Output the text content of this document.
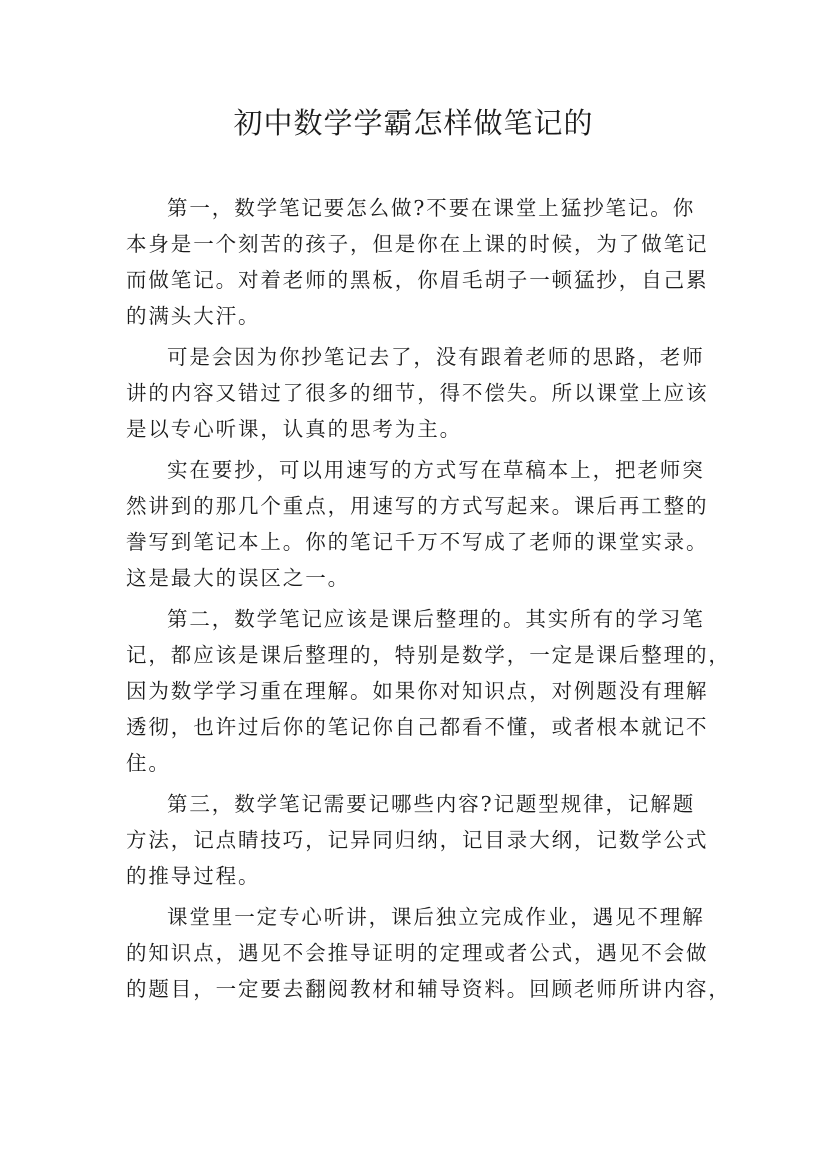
初中数学学霸怎样做笔记的

第一，数学笔记要怎么做?不要在课堂上猛抄笔记。你
本身是一个刻苦的孩子，但是你在上课的时候，为了做笔记
而做笔记。对着老师的黑板，你眉毛胡子一顿猛抄，自己累
的满头大汗。

可是会因为你抄笔记去了，没有跟着老师的思路，老师
讲的内容又错过了很多的细节，得不偿失。所以课堂上应该
是以专心听课，认真的思考为主。

实在要抄，可以用速写的方式写在草稿本上，把老师突
然讲到的那几个重点，用速写的方式写起来。课后再工整的
誊写到笔记本上。你的笔记千万不写成了老师的课堂实录。
这是最大的误区之一。

第二，数学笔记应该是课后整理的。其实所有的学习笔
记，都应该是课后整理的，特别是数学，一定是课后整理的，
因为数学学习重在理解。如果你对知识点，对例题没有理解
透彻，也许过后你的笔记你自己都看不懂，或者根本就记不
住。

第三，数学笔记需要记哪些内容?记题型规律，记解题
方法，记点睛技巧，记异同归纳，记目录大纲，记数学公式
的推导过程。

课堂里一定专心听讲，课后独立完成作业，遇见不理解
的知识点，遇见不会推导证明的定理或者公式，遇见不会做
的题目，一定要去翻阅教材和辅导资料。回顾老师所讲内容，
